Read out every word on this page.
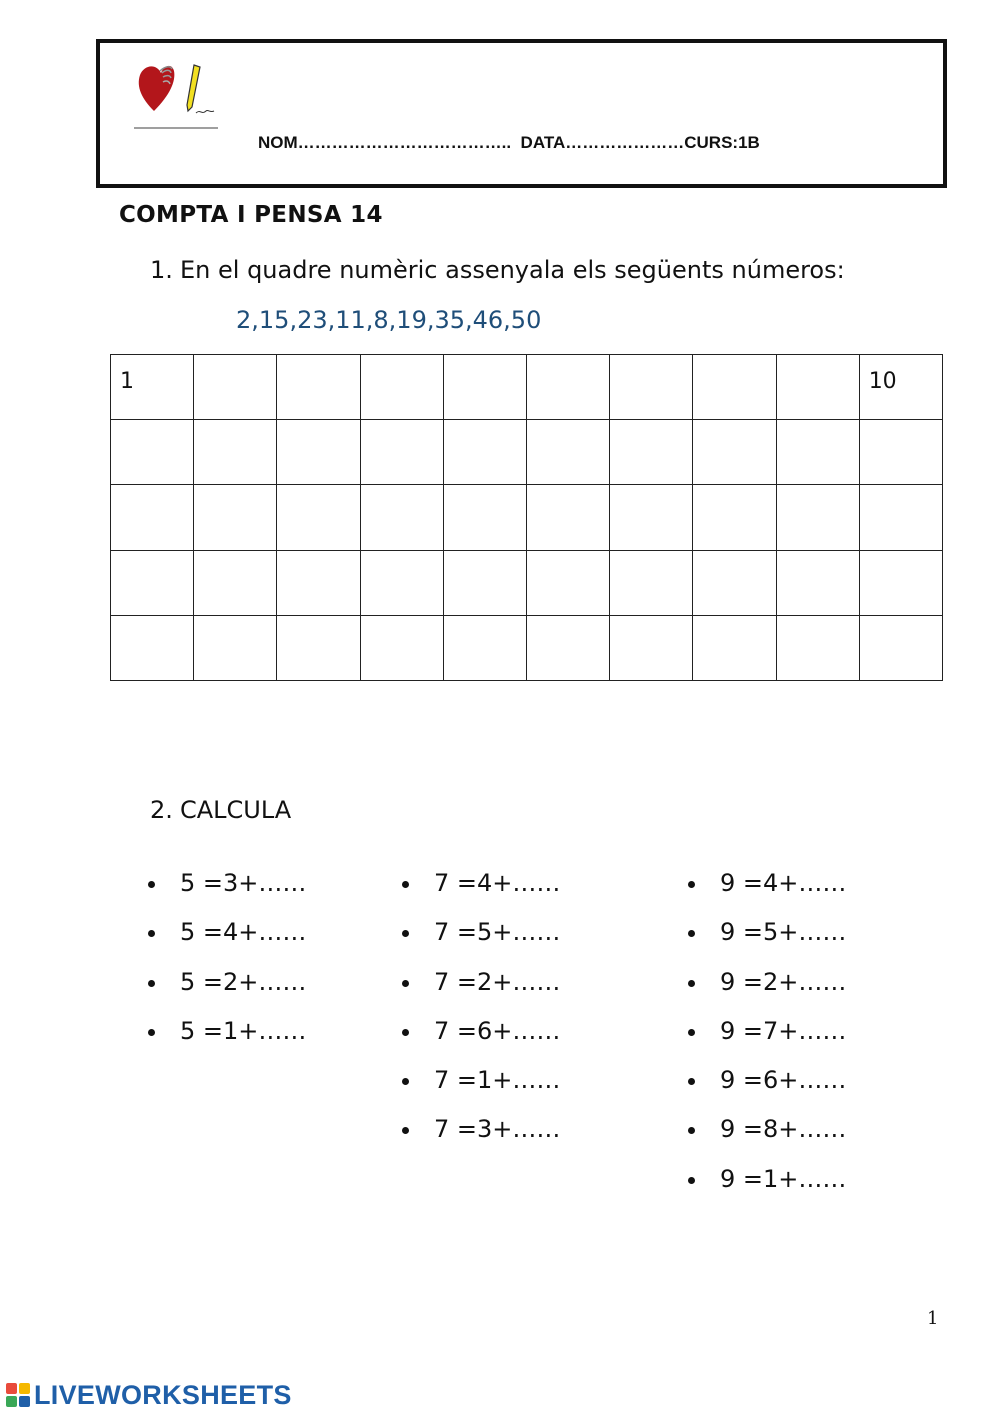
NOM………………………………..  DATA…………………CURS:1B
COMPTA I PENSA 14
1. En el quadre numèric assenyala els següents números:
2,15,23,11,8,19,35,46,50
1									10

2. CALCULA
5 =3+……
5 =4+……
5 =2+……
5 =1+……
7 =4+……
7 =5+……
7 =2+……
7 =6+……
7 =1+……
7 =3+……
9 =4+……
9 =5+……
9 =2+……
9 =7+……
9 =6+……
9 =8+……
9 =1+……
1
LIVEWORKSHEETS
